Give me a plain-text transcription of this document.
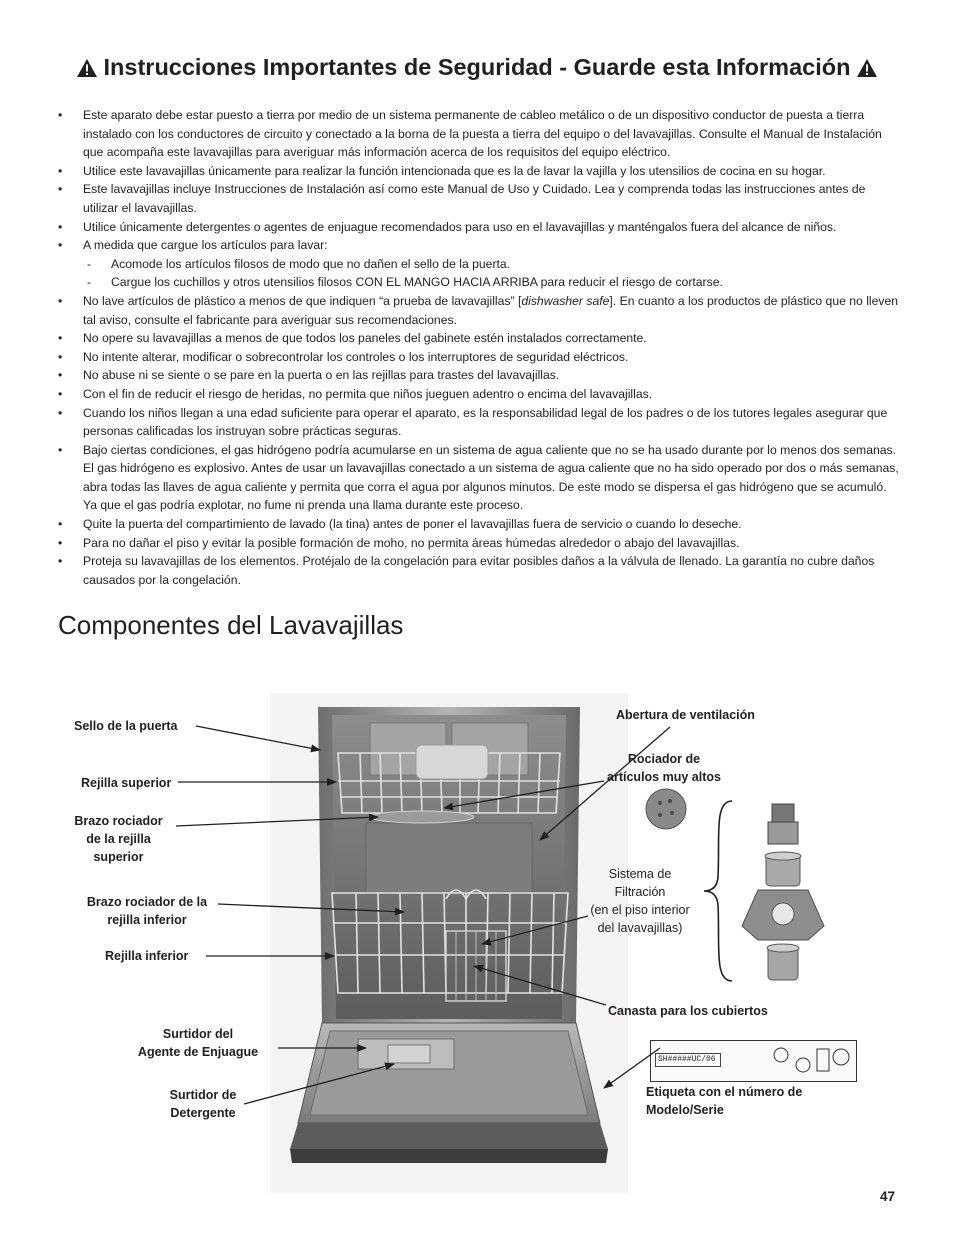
Instrucciones Importantes de Seguridad - Guarde esta Información
• Este aparato debe estar puesto a tierra por medio de un sistema permanente de cableo metálico o de un dispositivo conductor de puesta a tierra instalado con los conductores de circuito y conectado a la borna de la puesta a tierra del equipo o del lavavajillas. Consulte el Manual de Instalación que acompaña este lavavajillas para averiguar más información acerca de los requisitos del equipo eléctrico.
• Utilice este lavavajillas únicamente para realizar la función intencionada que es la de lavar la vajilla y los utensilios de cocina en su hogar.
• Este lavavajillas incluye Instrucciones de Instalación así como este Manual de Uso y Cuidado. Lea y comprenda todas las instrucciones antes de utilizar el lavavajillas.
• Utilice únicamente detergentes o agentes de enjuague recomendados para uso en el lavavajillas y manténgalos fuera del alcance de niños.
• A medida que cargue los artículos para lavar:
- Acomode los artículos filosos de modo que no dañen el sello de la puerta.
- Cargue los cuchillos y otros utensilios filosos CON EL MANGO HACIA ARRIBA para reducir el riesgo de cortarse.
• No lave artículos de plástico a menos de que indiquen “a prueba de lavavajillas” [dishwasher safe]. En cuanto a los productos de plástico que no lleven tal aviso, consulte el fabricante para averiguar sus recomendaciones.
• No opere su lavavajillas a menos de que todos los paneles del gabinete estén instalados correctamente.
• No intente alterar, modificar o sobrecontrolar los controles o los interruptores de seguridad eléctricos.
• No abuse ni se siente o se pare en la puerta o en las rejillas para trastes del lavavajillas.
• Con el fin de reducir el riesgo de heridas, no permita que niños jueguen adentro o encima del lavavajillas.
• Cuando los niños llegan a una edad suficiente para operar el aparato, es la responsabilidad legal de los padres o de los tutores legales asegurar que personas calificadas los instruyan sobre prácticas seguras.
• Bajo ciertas condiciones, el gas hidrógeno podría acumularse en un sistema de agua caliente que no se ha usado durante por lo menos dos semanas. El gas hidrógeno es explosivo. Antes de usar un lavavajillas conectado a un sistema de agua caliente que no ha sido operado por dos o más semanas, abra todas las llaves de agua caliente y permita que corra el agua por algunos minutos. De este modo se dispersa el gas hidrógeno que se acumuló. Ya que el gas podría explotar, no fume ni prenda una llama durante este proceso.
• Quite la puerta del compartimiento de lavado (la tina) antes de poner el lavavajillas fuera de servicio o cuando lo deseche.
• Para no dañar el piso y evitar la posible formación de moho, no permita áreas húmedas alrededor o abajo del lavavajillas.
• Proteja su lavavajillas de los elementos. Protéjalo de la congelación para evitar posibles daños a la válvula de llenado. La garantía no cubre daños causados por la congelación.
Componentes del Lavavajillas
SH#####UC/06
Sello de la puerta
Rejilla superior
Brazo rociador
de la rejilla
superior
Brazo rociador de la
rejilla inferior
Rejilla inferior
Surtidor del
Agente de Enjuague
Surtidor de
Detergente
Abertura de ventilación
Rociador de
artículos muy altos
Sistema de
Filtración
(en el piso interior
del lavavajillas)
Canasta para los cubiertos
Etiqueta con el número de
Modelo/Serie
47
